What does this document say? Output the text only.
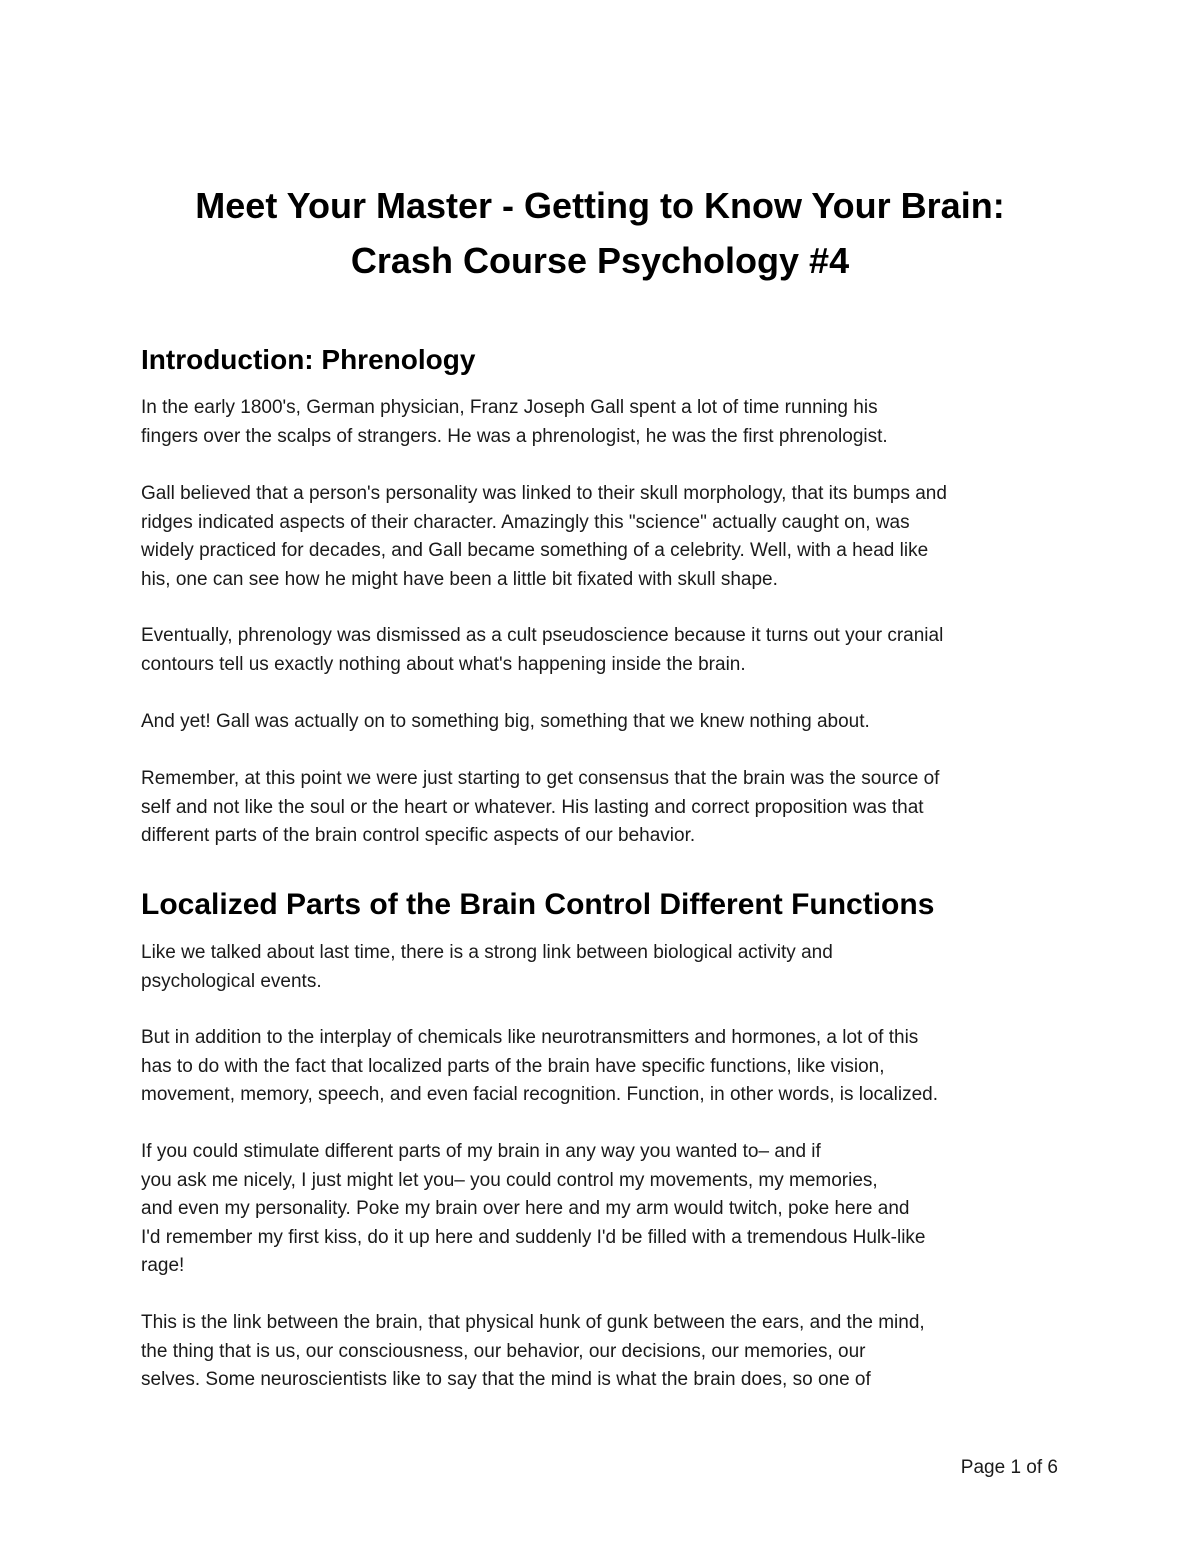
Meet Your Master - Getting to Know Your Brain:
Crash Course Psychology #4
Introduction: Phrenology

In the early 1800's, German physician, Franz Joseph Gall spent a lot of time running his
fingers over the scalps of strangers. He was a phrenologist, he was the first phrenologist.

Gall believed that a person's personality was linked to their skull morphology, that its bumps and
ridges indicated aspects of their character. Amazingly this "science" actually caught on, was
widely practiced for decades, and Gall became something of a celebrity. Well, with a head like
his, one can see how he might have been a little bit fixated with skull shape.

Eventually, phrenology was dismissed as a cult pseudoscience because it turns out your cranial
contours tell us exactly nothing about what's happening inside the brain.

And yet! Gall was actually on to something big, something that we knew nothing about.

Remember, at this point we were just starting to get consensus that the brain was the source of
self and not like the soul or the heart or whatever. His lasting and correct proposition was that
different parts of the brain control specific aspects of our behavior.

Localized Parts of the Brain Control Different Functions

Like we talked about last time, there is a strong link between biological activity and
psychological events.

But in addition to the interplay of chemicals like neurotransmitters and hormones, a lot of this
has to do with the fact that localized parts of the brain have specific functions, like vision,
movement, memory, speech, and even facial recognition. Function, in other words, is localized.

If you could stimulate different parts of my brain in any way you wanted to– and if
you ask me nicely, I just might let you– you could control my movements, my memories,
and even my personality. Poke my brain over here and my arm would twitch, poke here and
I'd remember my first kiss, do it up here and suddenly I'd be filled with a tremendous Hulk-like
rage!

This is the link between the brain, that physical hunk of gunk between the ears, and the mind,
the thing that is us, our consciousness, our behavior, our decisions, our memories, our
selves. Some neuroscientists like to say that the mind is what the brain does, so one of

Page 1 of 6
